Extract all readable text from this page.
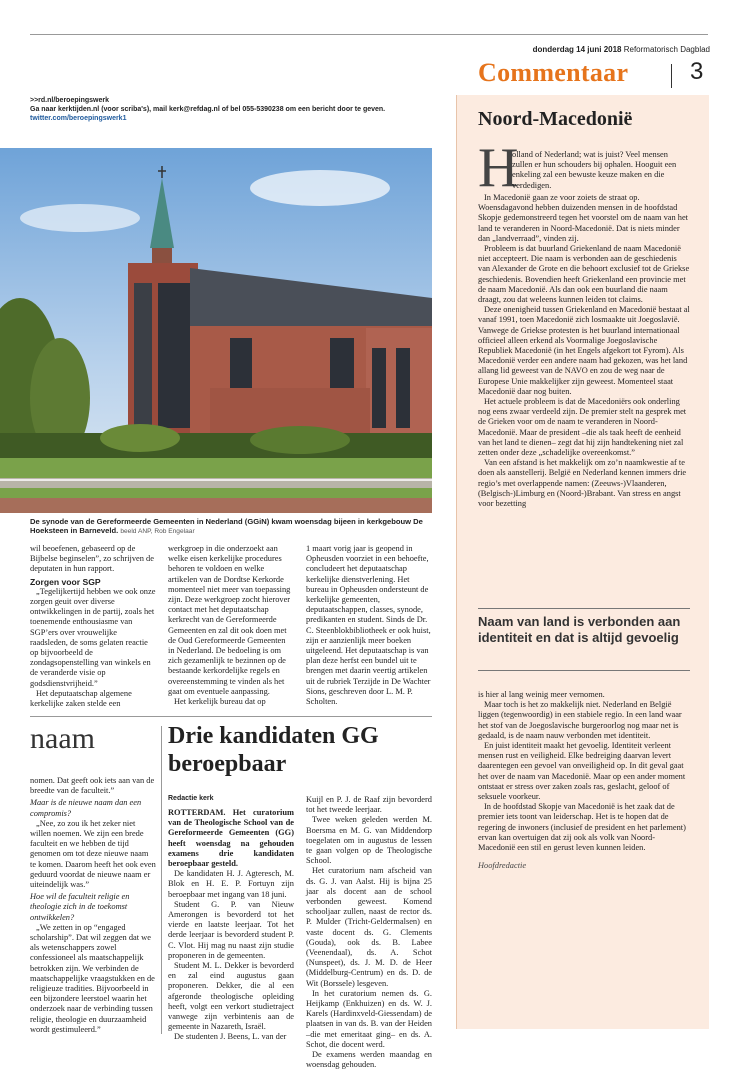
donderdag 14 juni 2018 Reformatorisch Dagblad
Commentaar	3
>>rd.nl/beroepingswerk
Ga naar kerktijden.nl (voor scriba's), mail kerk@refdag.nl of bel 055-5390238 om een bericht door te geven.
twitter.com/beroepingswerk1
De synode van de Gereformeerde Gemeenten in Nederland (GGiN) kwam woensdag bijeen in kerkgebouw De Hoeksteen in Barneveld. beeld ANP, Rob Engelaar

wil beoefenen, gebaseerd op de Bijbelse beginselen”, zo schrijven de deputaten in hun rapport.

Zorgen voor SGP

„Tegelijkertijd hebben we ook onze zorgen geuit over diverse ontwikkelingen in de partij, zoals het toenemende enthousiasme van SGP’ers over vrouwelijke raadsleden, de soms gelaten reactie op bijvoorbeeld de zondagsopenstelling van winkels en de veranderde visie op godsdienstvrijheid.”

Het deputaatschap algemene kerkelijke zaken stelde een

werkgroep in die onderzoekt aan welke eisen kerkelijke procedures behoren te voldoen en welke artikelen van de Dordtse Kerkorde momenteel niet meer van toepassing zijn. Deze werkgroep zocht hierover contact met het deputaatschap kerkrecht van de Gereformeerde Gemeenten en zal dit ook doen met de Oud Gereformeerde Gemeenten in Nederland. De bedoeling is om zich gezamenlijk te bezinnen op de bestaande kerkordelijke regels en overeenstemming te vinden als het gaat om eventuele aanpassing.

Het kerkelijk bureau dat op

1 maart vorig jaar is geopend in Opheusden voorziet in een behoefte, concludeert het deputaatschap kerkelijke dienstverlening. Het bureau in Opheusden ondersteunt de kerkelijke gemeenten, deputaatschappen, classes, synode, predikanten en student. Sinds de Dr. C. Steenblokbibliotheek er ook huist, zijn er aanzienlijk meer boeken uitgeleend. Het deputaatschap is van plan deze herfst een bundel uit te brengen met daarin veertig artikelen uit de rubriek Terzijde in De Wachter Sions, geschreven door L. M. P. Scholten.

naam

nomen. Dat geeft ook iets aan van de breedte van de faculteit.”

Maar is de nieuwe naam dan een compromis?

„Nee, zo zou ik het zeker niet willen noemen. We zijn een brede faculteit en we hebben de tijd genomen om tot deze nieuwe naam te komen. Daarom heeft het ook even geduurd voordat de nieuwe naam er uiteindelijk was.”

Hoe wil de faculteit religie en theologie zich in de toekomst ontwikkelen?

„We zetten in op “engaged scholarship”. Dat wil zeggen dat we als wetenschappers zowel confessioneel als maatschappelijk betrokken zijn. We verbinden de maatschappelijke vraagstukken en de religieuze tradities. Bijvoorbeeld in een bijzondere leerstoel waarin het onderzoek naar de verbinding tussen religie, theologie en duurzaamheid wordt gestimuleerd.”

Drie kandidaten GG beroepbaar
Redactie kerk

ROTTERDAM. Het curatorium van de Theologische School van de Gereformeerde Gemeenten (GG) heeft woensdag na gehouden examens drie kandidaten beroepbaar gesteld.

De kandidaten H. J. Agteresch, M. Blok en H. E. P. Fortuyn zijn beroepbaar met ingang van 18 juni.

Student G. P. van Nieuw Amerongen is bevorderd tot het vierde en laatste leerjaar. Tot het derde leerjaar is bevorderd student P. C. Vlot. Hij mag nu naast zijn studie proponeren in de gemeenten.

Student M. L. Dekker is bevorderd en zal eind augustus gaan proponeren. Dekker, die al een afgeronde theologische opleiding heeft, volgt een verkort studietraject vanwege zijn verbintenis aan de gemeente in Nazareth, Israël.

De studenten J. Beens, L. van der

Kuijl en P. J. de Raaf zijn bevorderd tot het tweede leerjaar.

Twee weken geleden werden M. Boersma en M. G. van Middendorp toegelaten om in augustus de lessen te gaan volgen op de Theologische School.

Het curatorium nam afscheid van ds. G. J. van Aalst. Hij is bijna 25 jaar als docent aan de school verbonden geweest. Komend schooljaar zullen, naast de rector ds. P. Mulder (Tricht-Geldermalsen) en vaste docent ds. G. Clements (Gouda), ook ds. B. Labee (Veenendaal), ds. A. Schot (Nunspeet), ds. J. M. D. de Heer (Middelburg-Centrum) en ds. D. de Wit (Borssele) lesgeven.

In het curatorium nemen ds. G. Heijkamp (Enkhuizen) en ds. W. J. Karels (Hardinxveld-Giessendam) de plaatsen in van ds. B. van der Heiden –die met emeritaat ging– en ds. A. Schot, die docent werd.

De examens werden maandag en woensdag gehouden.

Noord-Macedonië
H

olland of Nederland; wat is juist? Veel mensen zullen er hun schouders bij ophalen. Hooguit een enkeling zal een bewuste keuze maken en die verdedigen.

In Macedonië gaan ze voor zoiets de straat op. Woensdagavond hebben duizenden mensen in de hoofdstad Skopje gedemonstreerd tegen het voorstel om de naam van het land te veranderen in Noord-Macedonië. Dat is niets minder dan „landverraad”, vinden zij.

Probleem is dat buurland Griekenland de naam Macedonië niet accepteert. Die naam is verbonden aan de geschiedenis van Alexander de Grote en die behoort exclusief tot de Griekse geschiedenis. Bovendien heeft Griekenland een provincie met de naam Macedonië. Als dan ook een buurland die naam draagt, zou dat weleens kunnen leiden tot claims.

Deze onenigheid tussen Griekenland en Macedonië bestaat al vanaf 1991, toen Macedonië zich losmaakte uit Joegoslavië. Vanwege de Griekse protesten is het buurland internationaal officieel alleen erkend als Voormalige Joegoslavische Republiek Macedonië (in het Engels afgekort tot Fyrom). Als Macedonië verder een andere naam had gekozen, was het land allang lid geweest van de NAVO en zou de weg naar de Europese Unie makkelijker zijn geweest. Momenteel staat Macedonië daar nog buiten.

Het actuele probleem is dat de Macedoniërs ook onderling nog eens zwaar verdeeld zijn. De premier stelt na gesprek met de Grieken voor om de naam te veranderen in Noord-Macedonië. Maar de president –die als taak heeft de eenheid van het land te dienen– zegt dat hij zijn handtekening niet zal zetten onder deze „schadelijke overeenkomst.”

Van een afstand is het makkelijk om zo’n naamkwestie af te doen als aanstellerij. België en Nederland kennen immers drie regio’s met overlappende namen: (Zeeuws-)Vlaanderen, (Belgisch-)Limburg en (Noord-)Brabant. Van stress en angst voor bezetting

Naam van land is verbonden aan identiteit en dat is altijd gevoelig

is hier al lang weinig meer vernomen.

Maar toch is het zo makkelijk niet. Nederland en België liggen (tegenwoordig) in een stabiele regio. In een land waar het stof van de Joegoslavische burgeroorlog nog maar net is gedaald, is de naam nauw verbonden met identiteit.

En juist identiteit maakt het gevoelig. Identiteit verleent mensen rust en veiligheid. Elke bedreiging daarvan levert daarentegen een gevoel van onveiligheid op. In dit geval gaat het over de naam van Macedonië. Maar op een ander moment ontstaat er stress over zaken zoals ras, geslacht, geloof of seksuele voorkeur.

In de hoofdstad Skopje van Macedonië is het zaak dat de premier iets toont van leiderschap. Het is te hopen dat de regering de inwoners (inclusief de president en het parlement) ervan kan overtuigen dat zij ook als volk van Noord-Macedonië een stil en gerust leven kunnen leiden.

Hoofdredactie
